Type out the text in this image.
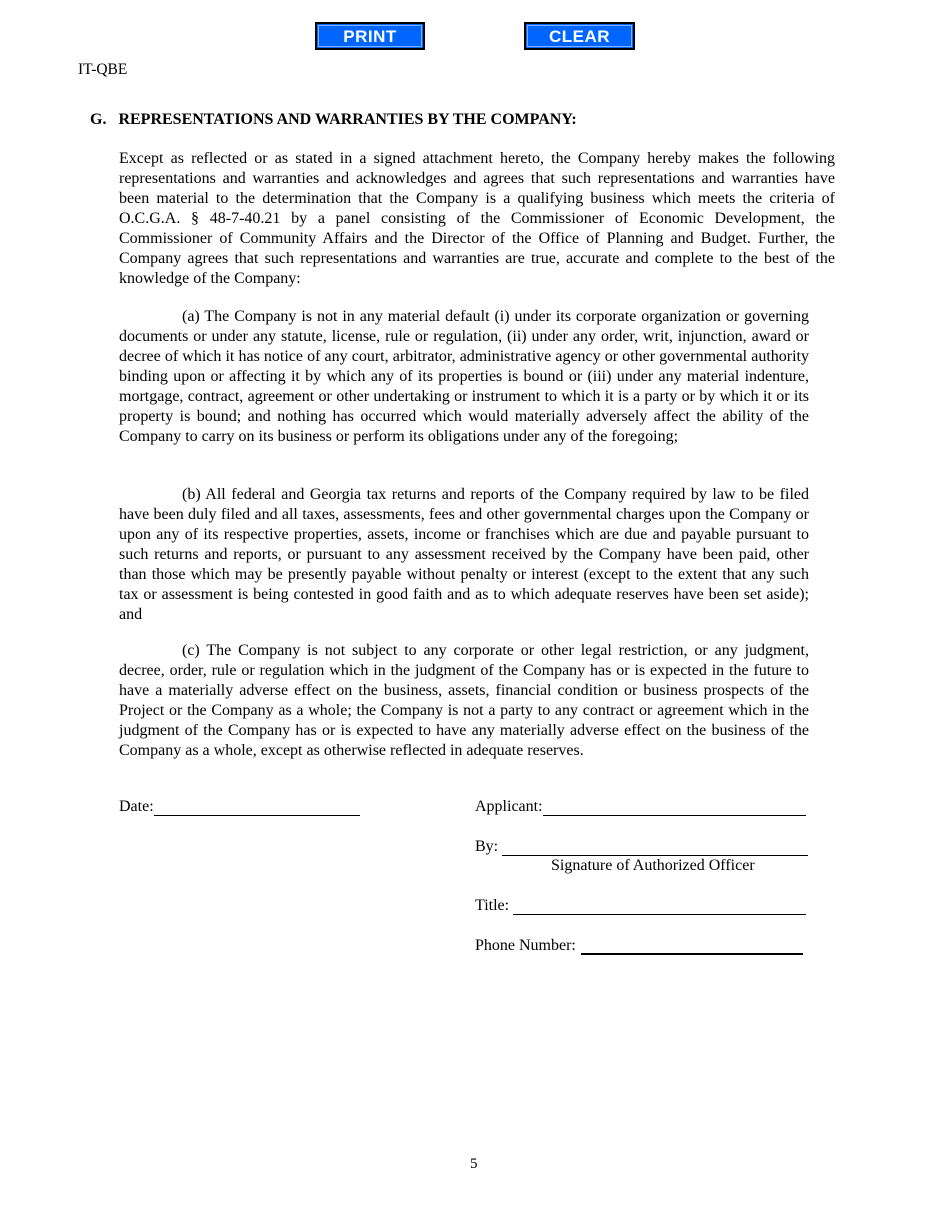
PRINT	CLEAR
IT-QBE
G. REPRESENTATIONS AND WARRANTIES BY THE COMPANY:
Except as reflected or as stated in a signed attachment hereto, the Company hereby makes the following representations and warranties and acknowledges and agrees that such representations and warranties have been material to the determination that the Company is a qualifying business which meets the criteria of O.C.G.A. § 48-7-40.21 by a panel consisting of the Commissioner of Economic Development, the Commissioner of Community Affairs and the Director of the Office of Planning and Budget. Further, the Company agrees that such representations and warranties are true, accurate and complete to the best of the knowledge of the Company:
(a) The Company is not in any material default (i) under its corporate organization or governing documents or under any statute, license, rule or regulation, (ii) under any order, writ, injunction, award or decree of which it has notice of any court, arbitrator, administrative agency or other governmental authority binding upon or affecting it by which any of its properties is bound or (iii) under any material indenture, mortgage, contract, agreement or other undertaking or instrument to which it is a party or by which it or its property is bound; and nothing has occurred which would materially adversely affect the ability of the Company to carry on its business or perform its obligations under any of the foregoing;
(b) All federal and Georgia tax returns and reports of the Company required by law to be filed have been duly filed and all taxes, assessments, fees and other governmental charges upon the Company or upon any of its respective properties, assets, income or franchises which are due and payable pursuant to such returns and reports, or pursuant to any assessment received by the Company have been paid, other than those which may be presently payable without penalty or interest (except to the extent that any such tax or assessment is being contested in good faith and as to which adequate reserves have been set aside); and
(c) The Company is not subject to any corporate or other legal restriction, or any judgment, decree, order, rule or regulation which in the judgment of the Company has or is expected in the future to have a materially adverse effect on the business, assets, financial condition or business prospects of the Project or the Company as a whole; the Company is not a party to any contract or agreement which in the judgment of the Company has or is expected to have any materially adverse effect on the business of the Company as a whole, except as otherwise reflected in adequate reserves.
Date:	Applicant:
By:
Signature of Authorized Officer
Title:
Phone Number:
5
